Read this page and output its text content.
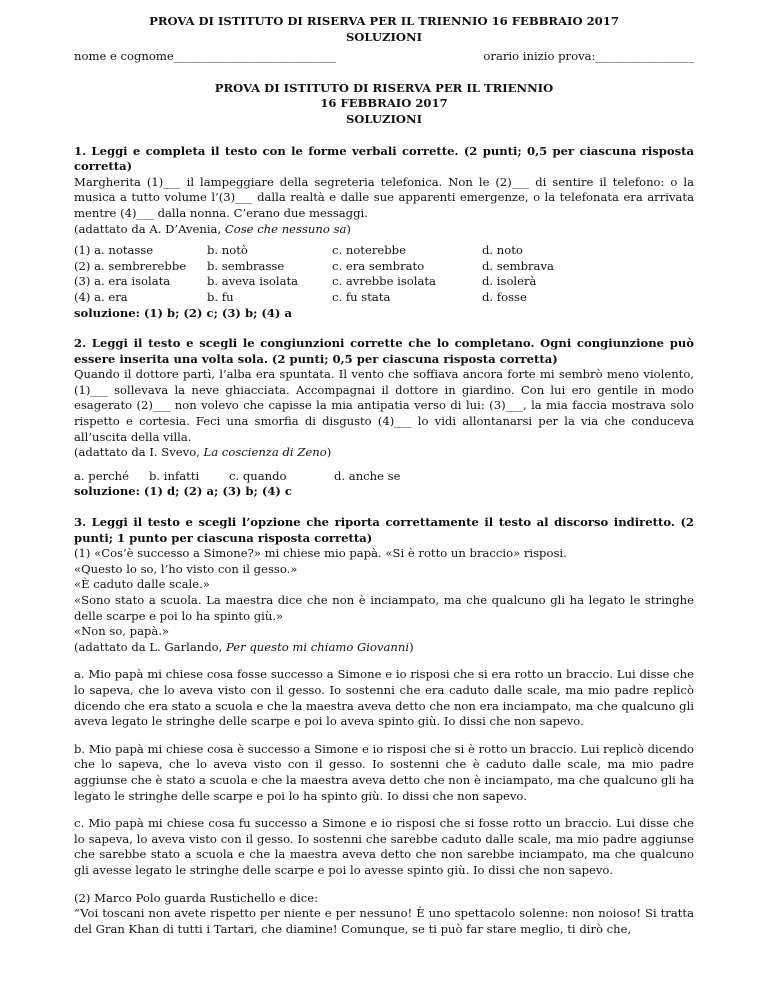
PROVA DI ISTITUTO DI RISERVA PER IL TRIENNIO 16 FEBBRAIO 2017
SOLUZIONI
nome e cognome____________________________	orario inizio prova:_________________
PROVA DI ISTITUTO DI RISERVA PER IL TRIENNIO
16 FEBBRAIO 2017
SOLUZIONI

1. Leggi e completa il testo con le forme verbali corrette. (2 punti; 0,5 per ciascuna risposta corretta)

Margherita (1)___ il lampeggiare della segreteria telefonica. Non le (2)___ di sentire il telefono: o la musica a tutto volume l’(3)___ dalla realtà e dalle sue apparenti emergenze, o la telefonata era arrivata mentre (4)___ dalla nonna. C’erano due messaggi.

(adattato da A. D’Avenia, Cose che nessuno sa)

(1) a. notasse	b. notò	c. noterebbe	d. noto
(2) a. sembrerebbe	b. sembrasse	c. era sembrato	d. sembrava
(3) a. era isolata	b. aveva isolata	c. avrebbe isolata	d. isolerà
(4) a. era	b. fu	c. fu stata	d. fosse

soluzione: (1) b; (2) c; (3) b; (4) a

2. Leggi il testo e scegli le congiunzioni corrette che lo completano. Ogni congiunzione può essere inserita una volta sola. (2 punti; 0,5 per ciascuna risposta corretta)

Quando il dottore partì, l’alba era spuntata. Il vento che soffiava ancora forte mi sembrò meno violento, (1)___ sollevava la neve ghiacciata. Accompagnai il dottore in giardino. Con lui ero gentile in modo esagerato (2)___ non volevo che capisse la mia antipatia verso di lui: (3)___, la mia faccia mostrava solo rispetto e cortesia. Feci una smorfia di disgusto (4)___ lo vidi allontanarsi per la via che conduceva all’uscita della villa.

(adattato da I. Svevo, La coscienza di Zeno)

a. perché	b. infatti	c. quando	d. anche se

soluzione: (1) d; (2) a; (3) b; (4) c

3. Leggi il testo e scegli l’opzione che riporta correttamente il testo al discorso indiretto. (2 punti; 1 punto per ciascuna risposta corretta)

(1) «Cos’è successo a Simone?» mi chiese mio papà. «Si è rotto un braccio» risposi.

«Questo lo so, l’ho visto con il gesso.»

«È caduto dalle scale.»

«Sono stato a scuola. La maestra dice che non è inciampato, ma che qualcuno gli ha legato le stringhe delle scarpe e poi lo ha spinto giù.»

«Non so, papà.»

(adattato da L. Garlando, Per questo mi chiamo Giovanni)

a. Mio papà mi chiese cosa fosse successo a Simone e io risposi che si era rotto un braccio. Lui disse che lo sapeva, che lo aveva visto con il gesso. Io sostenni che era caduto dalle scale, ma mio padre replicò dicendo che era stato a scuola e che la maestra aveva detto che non era inciampato, ma che qualcuno gli aveva legato le stringhe delle scarpe e poi lo aveva spinto giù. Io dissi che non sapevo.

b. Mio papà mi chiese cosa è successo a Simone e io risposi che si è rotto un braccio. Lui replicò dicendo che lo sapeva, che lo aveva visto con il gesso. Io sostenni che è caduto dalle scale, ma mio padre aggiunse che è stato a scuola e che la maestra aveva detto che non è inciampato, ma che qualcuno gli ha legato le stringhe delle scarpe e poi lo ha spinto giù. Io dissi che non sapevo.

c. Mio papà mi chiese cosa fu successo a Simone e io risposi che si fosse rotto un braccio. Lui disse che lo sapeva, lo aveva visto con il gesso. Io sostenni che sarebbe caduto dalle scale, ma mio padre aggiunse che sarebbe stato a scuola e che la maestra aveva detto che non sarebbe inciampato, ma che qualcuno gli avesse legato le stringhe delle scarpe e poi lo avesse spinto giù. Io dissi che non sapevo.

(2) Marco Polo guarda Rustichello e dice:

“Voi toscani non avete rispetto per niente e per nessuno! È uno spettacolo solenne: non noioso! Si tratta del Gran Khan di tutti i Tartari, che diamine! Comunque, se ti può far stare meglio, ti dirò che,
